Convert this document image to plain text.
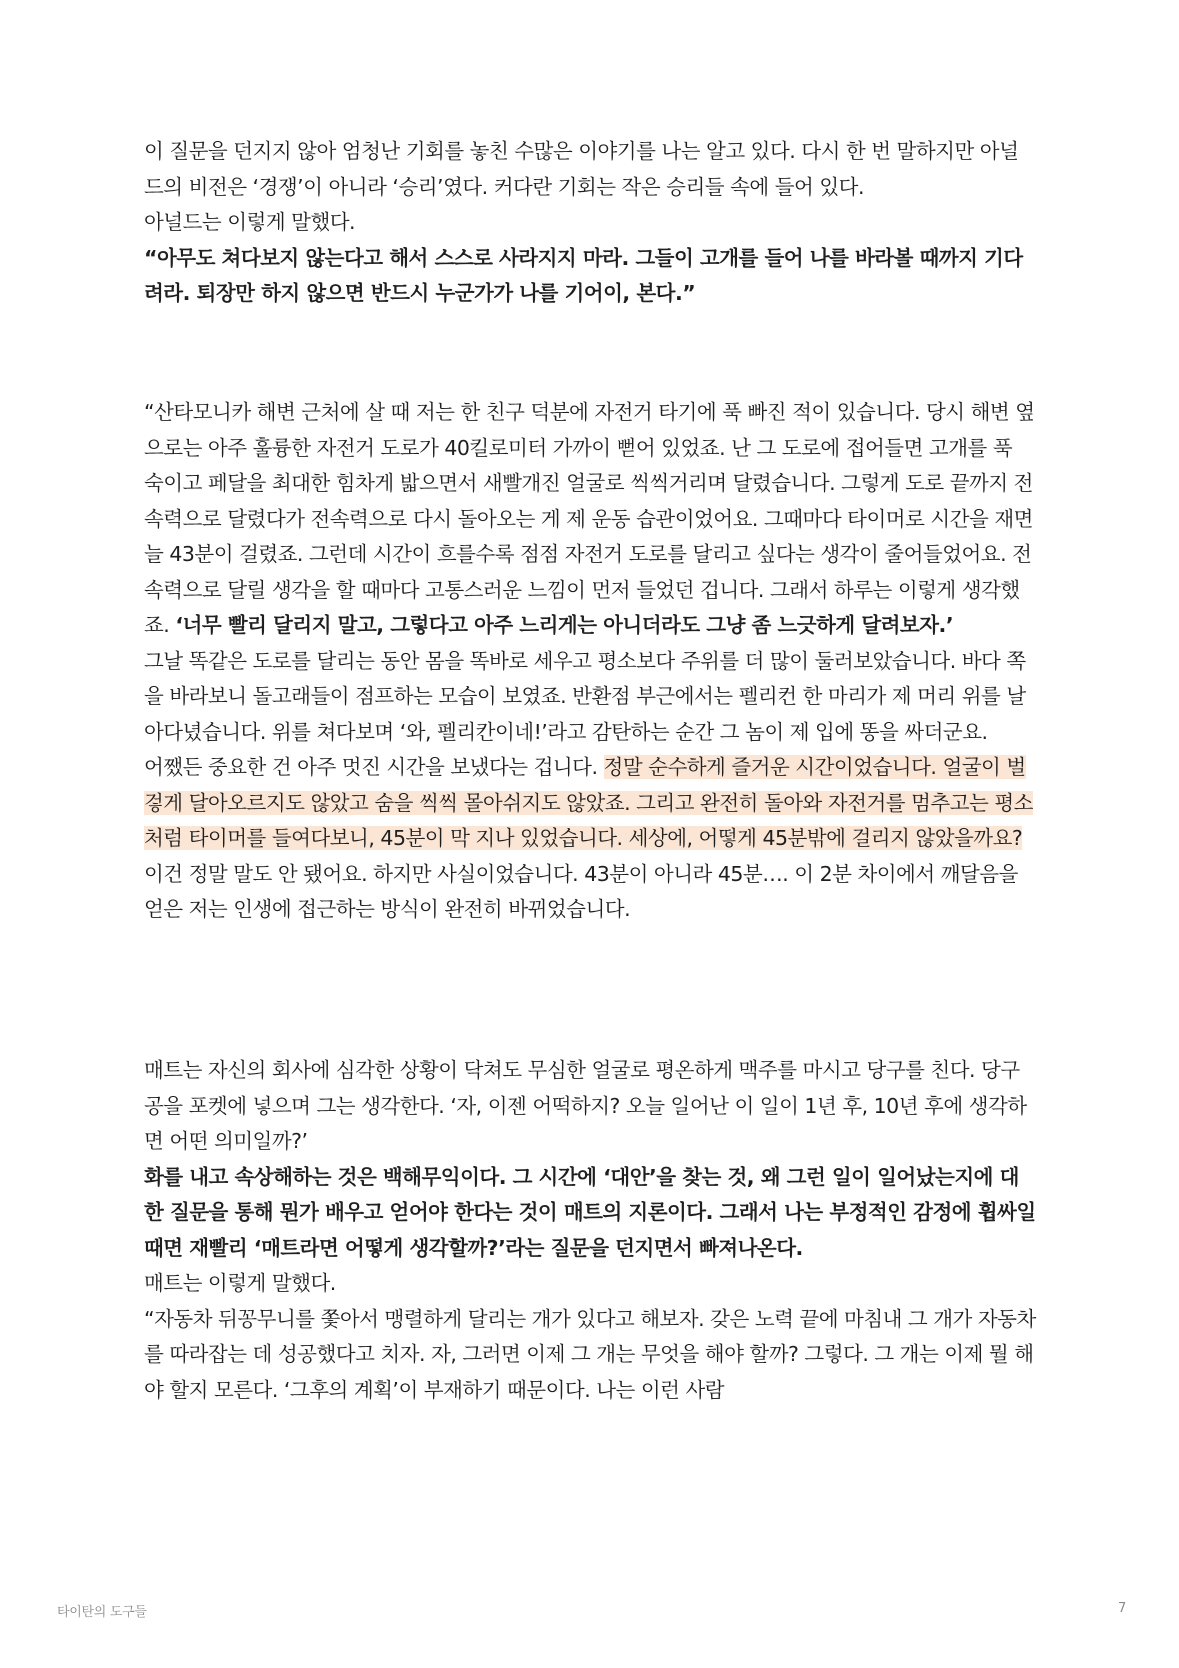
이 질문을 던지지 않아 엄청난 기회를 놓친 수많은 이야기를 나는 알고 있다. 다시 한 번 말하지만 아널드의 비전은 ‘경쟁’이 아니라 ‘승리’였다. 커다란 기회는 작은 승리들 속에 들어 있다.

아널드는 이렇게 말했다.

“아무도 쳐다보지 않는다고 해서 스스로 사라지지 마라. 그들이 고개를 들어 나를 바라볼 때까지 기다려라. 퇴장만 하지 않으면 반드시 누군가가 나를 기어이, 본다.”

“산타모니카 해변 근처에 살 때 저는 한 친구 덕분에 자전거 타기에 푹 빠진 적이 있습니다. 당시 해변 옆으로는 아주 훌륭한 자전거 도로가 40킬로미터 가까이 뻗어 있었죠. 난 그 도로에 접어들면 고개를 푹 숙이고 페달을 최대한 힘차게 밟으면서 새빨개진 얼굴로 씩씩거리며 달렸습니다. 그렇게 도로 끝까지 전속력으로 달렸다가 전속력으로 다시 돌아오는 게 제 운동 습관이었어요. 그때마다 타이머로 시간을 재면 늘 43분이 걸렸죠. 그런데 시간이 흐를수록 점점 자전거 도로를 달리고 싶다는 생각이 줄어들었어요. 전속력으로 달릴 생각을 할 때마다 고통스러운 느낌이 먼저 들었던 겁니다. 그래서 하루는 이렇게 생각했죠. ‘너무 빨리 달리지 말고, 그렇다고 아주 느리게는 아니더라도 그냥 좀 느긋하게 달려보자.’

그날 똑같은 도로를 달리는 동안 몸을 똑바로 세우고 평소보다 주위를 더 많이 둘러보았습니다. 바다 쪽을 바라보니 돌고래들이 점프하는 모습이 보였죠. 반환점 부근에서는 펠리컨 한 마리가 제 머리 위를 날아다녔습니다. 위를 쳐다보며 ‘와, 펠리칸이네!’라고 감탄하는 순간 그 놈이 제 입에 똥을 싸더군요.

어쨌든 중요한 건 아주 멋진 시간을 보냈다는 겁니다. 정말 순수하게 즐거운 시간이었습니다. 얼굴이 벌겋게 달아오르지도 않았고 숨을 씩씩 몰아쉬지도 않았죠. 그리고 완전히 돌아와 자전거를 멈추고는 평소처럼 타이머를 들여다보니, 45분이 막 지나 있었습니다. 세상에, 어떻게 45분밖에 걸리지 않았을까요? 이건 정말 말도 안 됐어요. 하지만 사실이었습니다. 43분이 아니라 45분…. 이 2분 차이에서 깨달음을 얻은 저는 인생에 접근하는 방식이 완전히 바뀌었습니다.

매트는 자신의 회사에 심각한 상황이 닥쳐도 무심한 얼굴로 평온하게 맥주를 마시고 당구를 친다. 당구공을 포켓에 넣으며 그는 생각한다. ‘자, 이젠 어떡하지? 오늘 일어난 이 일이 1년 후, 10년 후에 생각하면 어떤 의미일까?’

화를 내고 속상해하는 것은 백해무익이다. 그 시간에 ‘대안’을 찾는 것, 왜 그런 일이 일어났는지에 대한 질문을 통해 뭔가 배우고 얻어야 한다는 것이 매트의 지론이다. 그래서 나는 부정적인 감정에 휩싸일 때면 재빨리 ‘매트라면 어떻게 생각할까?’라는 질문을 던지면서 빠져나온다.

매트는 이렇게 말했다.

“자동차 뒤꽁무니를 쫓아서 맹렬하게 달리는 개가 있다고 해보자. 갖은 노력 끝에 마침내 그 개가 자동차를 따라잡는 데 성공했다고 치자. 자, 그러면 이제 그 개는 무엇을 해야 할까? 그렇다. 그 개는 이제 뭘 해야 할지 모른다. ‘그후의 계획’이 부재하기 때문이다. 나는 이런 사람

타이탄의 도구들	7
